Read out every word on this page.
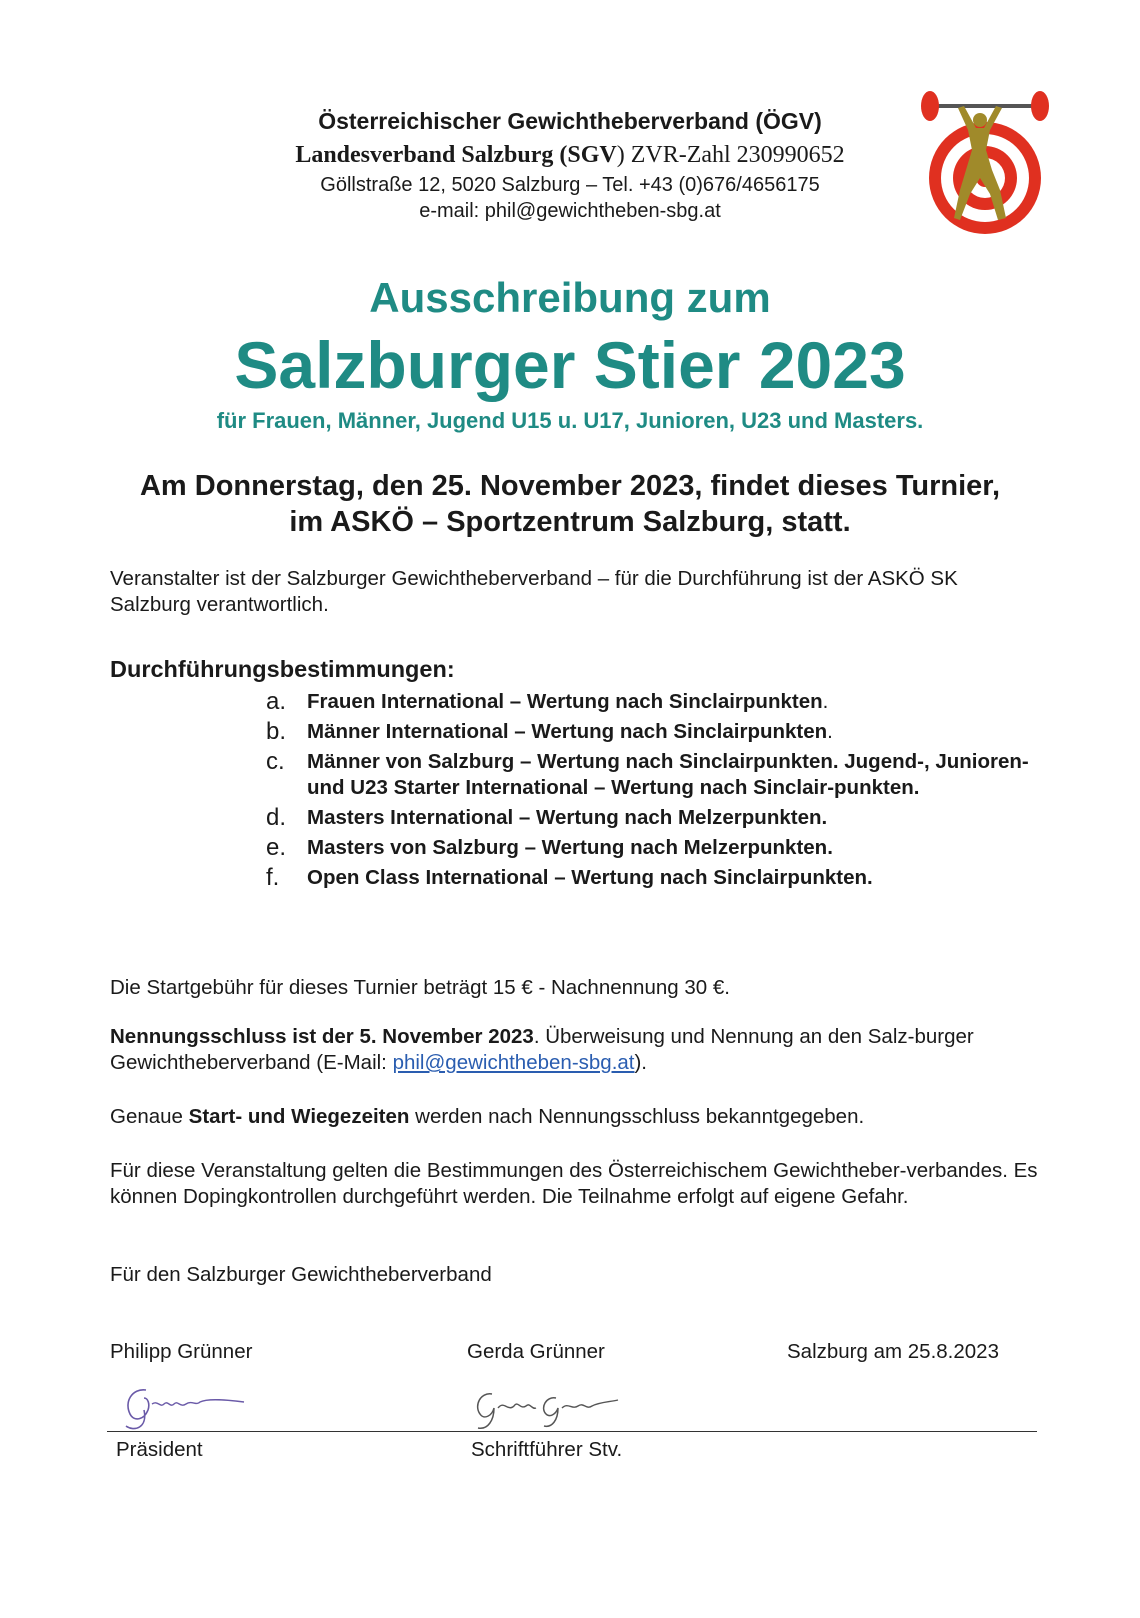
Österreichischer Gewichtheberverband (ÖGV)
Landesverband Salzburg (SGV) ZVR-Zahl 230990652
Göllstraße 12, 5020 Salzburg – Tel. +43 (0)676/4656175
e-mail: phil@gewichtheben-sbg.at
Ausschreibung zum
Salzburger Stier 2023
für Frauen, Männer, Jugend U15 u. U17, Junioren, U23 und Masters.
Am Donnerstag, den 25. November 2023, findet dieses Turnier,
im ASKÖ – Sportzentrum Salzburg, statt.
Veranstalter ist der Salzburger Gewichtheberverband – für die Durchführung ist der ASKÖ SK Salzburg verantwortlich.
Durchführungsbestimmungen:
a. Frauen International – Wertung nach Sinclairpunkten.
b. Männer International – Wertung nach Sinclairpunkten.
c. Männer von Salzburg – Wertung nach Sinclairpunkten. Jugend-, Junioren- und U23 Starter International – Wertung nach Sinclair-punkten.
d. Masters International – Wertung nach Melzerpunkten.
e. Masters von Salzburg – Wertung nach Melzerpunkten.
f. Open Class International – Wertung nach Sinclairpunkten.
Die Startgebühr für dieses Turnier beträgt 15 € - Nachnennung 30 €.
Nennungsschluss ist der 5. November 2023. Überweisung und Nennung an den Salz-burger Gewichtheberverband (E-Mail: phil@gewichtheben-sbg.at).
Genaue Start- und Wiegezeiten werden nach Nennungsschluss bekanntgegeben.
Für diese Veranstaltung gelten die Bestimmungen des Österreichischem Gewichtheber-verbandes. Es können Dopingkontrollen durchgeführt werden. Die Teilnahme erfolgt auf eigene Gefahr.
Für den Salzburger Gewichtheberverband
Philipp Grünner	Gerda Grünner	Salzburg am 25.8.2023
Präsident	Schriftführer Stv.
